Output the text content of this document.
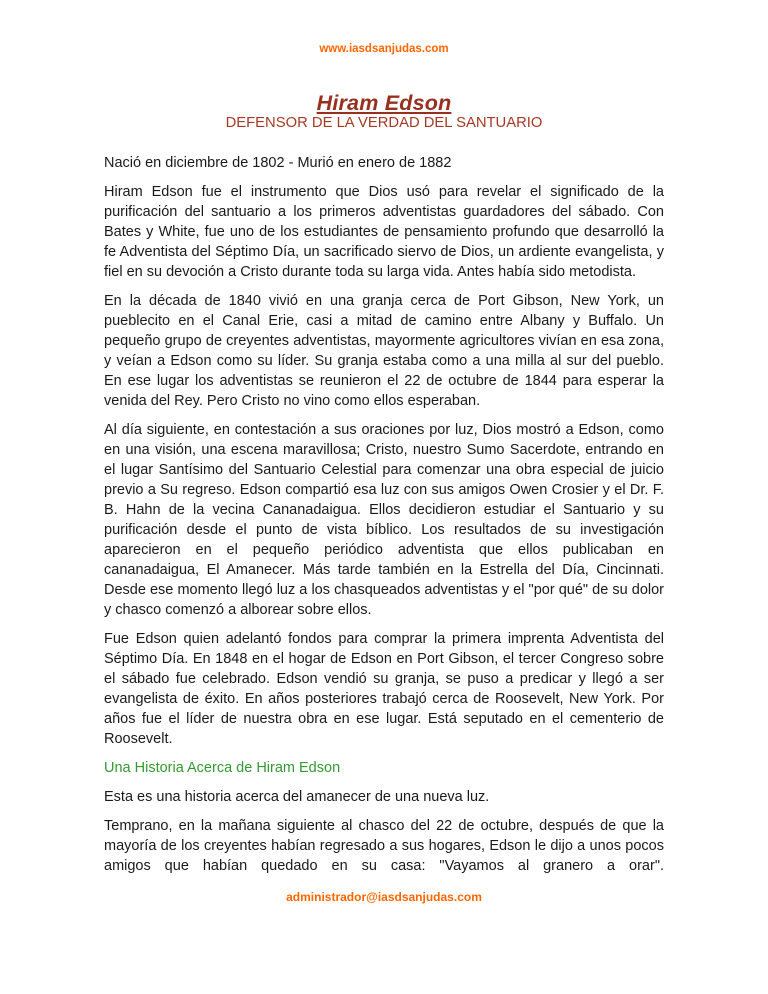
www.iasdsanjudas.com

Hiram Edson
DEFENSOR DE LA VERDAD DEL SANTUARIO

Nació en diciembre de 1802 - Murió en enero de 1882

Hiram Edson fue el instrumento que Dios usó para revelar el significado de la purificación del santuario a los primeros adventistas guardadores del sábado. Con Bates y White, fue uno de los estudiantes de pensamiento profundo que desarrolló la fe Adventista del Séptimo Día, un sacrificado siervo de Dios, un ardiente evangelista, y fiel en su devoción a Cristo durante toda su larga vida. Antes había sido metodista.

En la década de 1840 vivió en una granja cerca de Port Gibson, New York, un pueblecito en el Canal Erie, casi a mitad de camino entre Albany y Buffalo. Un pequeño grupo de creyentes adventistas, mayormente agricultores vivían en esa zona, y veían a Edson como su líder. Su granja estaba como a una milla al sur del pueblo. En ese lugar los adventistas se reunieron el 22 de octubre de 1844 para esperar la venida del Rey. Pero Cristo no vino como ellos esperaban.

Al día siguiente, en contestación a sus oraciones por luz, Dios mostró a Edson, como en una visión, una escena maravillosa; Cristo, nuestro Sumo Sacerdote, entrando en el lugar Santísimo del Santuario Celestial para comenzar una obra especial de juicio previo a Su regreso. Edson compartió esa luz con sus amigos Owen Crosier y el Dr. F. B. Hahn de la vecina Cananadaigua. Ellos decidieron estudiar el Santuario y su purificación desde el punto de vista bíblico. Los resultados de su investigación aparecieron en el pequeño periódico adventista que ellos publicaban en cananadaigua, El Amanecer. Más tarde también en la Estrella del Día, Cincinnati. Desde ese momento llegó luz a los chasqueados adventistas y el "por qué" de su dolor y chasco comenzó a alborear sobre ellos.

Fue Edson quien adelantó fondos para comprar la primera imprenta Adventista del Séptimo Día. En 1848 en el hogar de Edson en Port Gibson, el tercer Congreso sobre el sábado fue celebrado. Edson vendió su granja, se puso a predicar y llegó a ser evangelista de éxito. En años posteriores trabajó cerca de Roosevelt, New York. Por años fue el líder de nuestra obra en ese lugar. Está seputado en el cementerio de Roosevelt.

Una Historia Acerca de Hiram Edson

Esta es una historia acerca del amanecer de una nueva luz.

Temprano, en la mañana siguiente al chasco del 22 de octubre, después de que la mayoría de los creyentes habían regresado a sus hogares, Edson le dijo a unos pocos amigos que habían quedado en su casa: "Vayamos al granero a orar".

administrador@iasdsanjudas.com
